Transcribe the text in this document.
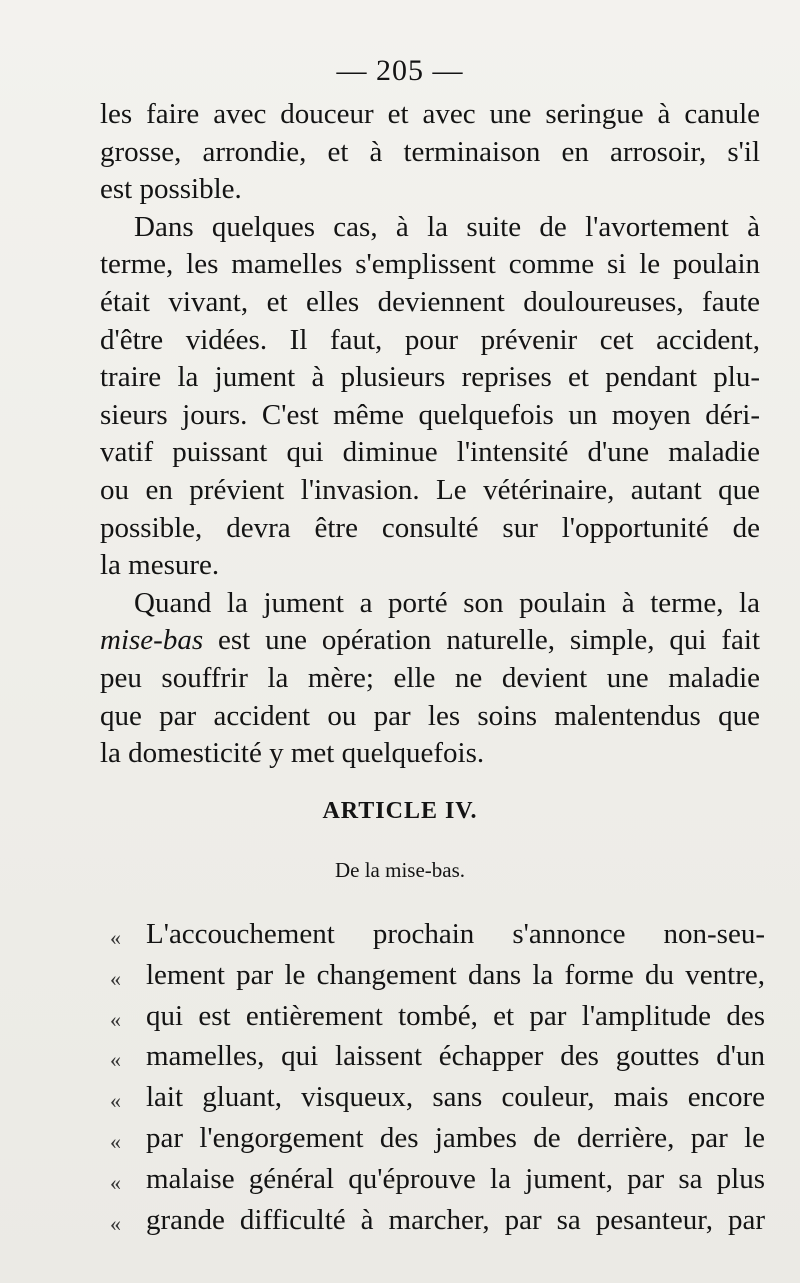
— 205 —
les faire avec douceur et avec une seringue à canule
grosse, arrondie, et à terminaison en arrosoir, s'il
est possible.
Dans quelques cas, à la suite de l'avortement à
terme, les mamelles s'emplissent comme si le poulain
était vivant, et elles deviennent douloureuses, faute
d'être vidées. Il faut, pour prévenir cet accident,
traire la jument à plusieurs reprises et pendant plu-
sieurs jours. C'est même quelquefois un moyen déri-
vatif puissant qui diminue l'intensité d'une maladie
ou en prévient l'invasion. Le vétérinaire, autant que
possible, devra être consulté sur l'opportunité de
la mesure.
Quand la jument a porté son poulain à terme, la
mise-bas est une opération naturelle, simple, qui fait
peu souffrir la mère; elle ne devient une maladie
que par accident ou par les soins malentendus que
la domesticité y met quelquefois.
ARTICLE IV.
De la mise-bas.
« L'accouchement prochain s'annonce non-seu-
« lement par le changement dans la forme du ventre,
« qui est entièrement tombé, et par l'amplitude des
« mamelles, qui laissent échapper des gouttes d'un
« lait gluant, visqueux, sans couleur, mais encore
« par l'engorgement des jambes de derrière, par le
« malaise général qu'éprouve la jument, par sa plus
« grande difficulté à marcher, par sa pesanteur, par
